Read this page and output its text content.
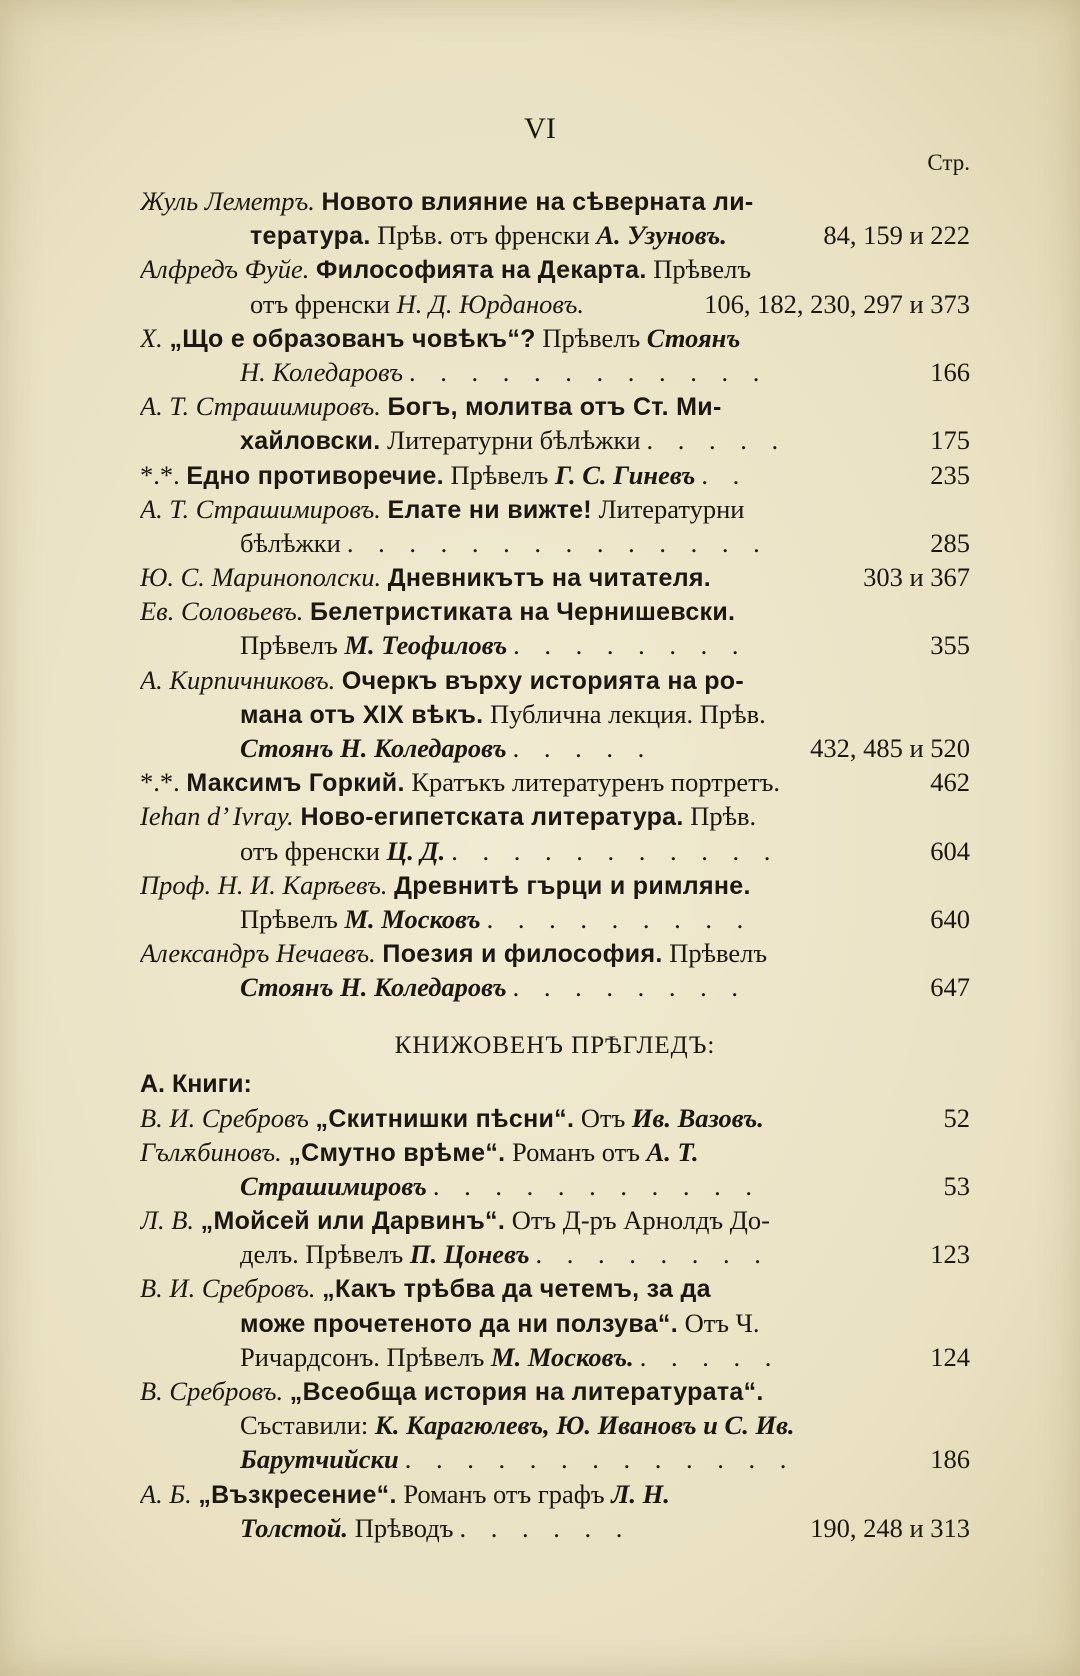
VI
Стр.
Жуль Леметръ. Новото влияние на сѣверната ли-
тература. Прѣв. отъ френски А. Узуновъ.	84, 159 и 222
Алфредъ Фуйе. Философията на Декарта. Прѣвелъ
отъ френски Н. Д. Юрдановъ.	106, 182, 230, 297 и 373
Х. „Що е образованъ човѣкъ“? Прѣвелъ Стоянъ
Н. Коледаровъ . . . . . . . . . . . .	166
А. Т. Страшимировъ. Богъ, молитва отъ Ст. Ми-
хайловски. Литературни бѣлѣжки . . . . .	175
*.*. Едно противоречие. Прѣвелъ Г. С. Гиневъ . .	235
А. Т. Страшимировъ. Елате ни вижте! Литературни
бѣлѣжки . . . . . . . . . . . . . .	285
Ю. С. Маринополски. Дневникътъ на читателя.	303 и 367
Ев. Соловьевъ. Белетристиката на Чернишевски.
Прѣвелъ М. Теофиловъ . . . . . . . .	355
А. Кирпичниковъ. Очеркъ върху историята на ро-
мана отъ XIX вѣкъ. Публична лекция. Прѣв.
Стоянъ Н. Коледаровъ . . . . .	432, 485 и 520
*.*. Максимъ Горкий. Кратъкъ литературенъ портретъ.	462
Iehan d’ Ivray. Ново-египетската литература. Прѣв.
отъ френски Ц. Д. . . . . . . . . . . .	604
Проф. Н. И. Карѣевъ. Древнитѣ гърци и римляне.
Прѣвелъ М. Московъ . . . . . . . . .	640
Александръ Нечаевъ. Поезия и философия. Прѣвелъ
Стоянъ Н. Коледаровъ . . . . . . . .	647
КНИЖОВЕНЪ ПРѢГЛЕДЪ:
А. Книги:
В. И. Сребровъ „Скитнишки пѣсни“. Отъ Ив. Вазовъ.	52
Гълѫбиновъ. „Смутно врѣме“. Романъ отъ А. Т.
Страшимировъ . . . . . . . . . . .	53
Л. В. „Мойсей или Дарвинъ“. Отъ Д-ръ Арнолдъ До-
делъ. Прѣвелъ П. Цоневъ . . . . . . . .	123
В. И. Сребровъ. „Какъ трѣбва да четемъ, за да
може прочетеното да ни ползува“. Отъ Ч.
Ричардсонъ. Прѣвелъ М. Московъ. . . . . .	124
В. Сребровъ. „Всеобща история на литературата“.
Съставили: К. Карагюлевъ, Ю. Ивановъ и С. Ив.
Барутчийски . . . . . . . . . . . . .	186
А. Б. „Възкресение“. Романъ отъ графъ Л. Н.
Толстой. Прѣводъ . . . . . .	190, 248 и 313
